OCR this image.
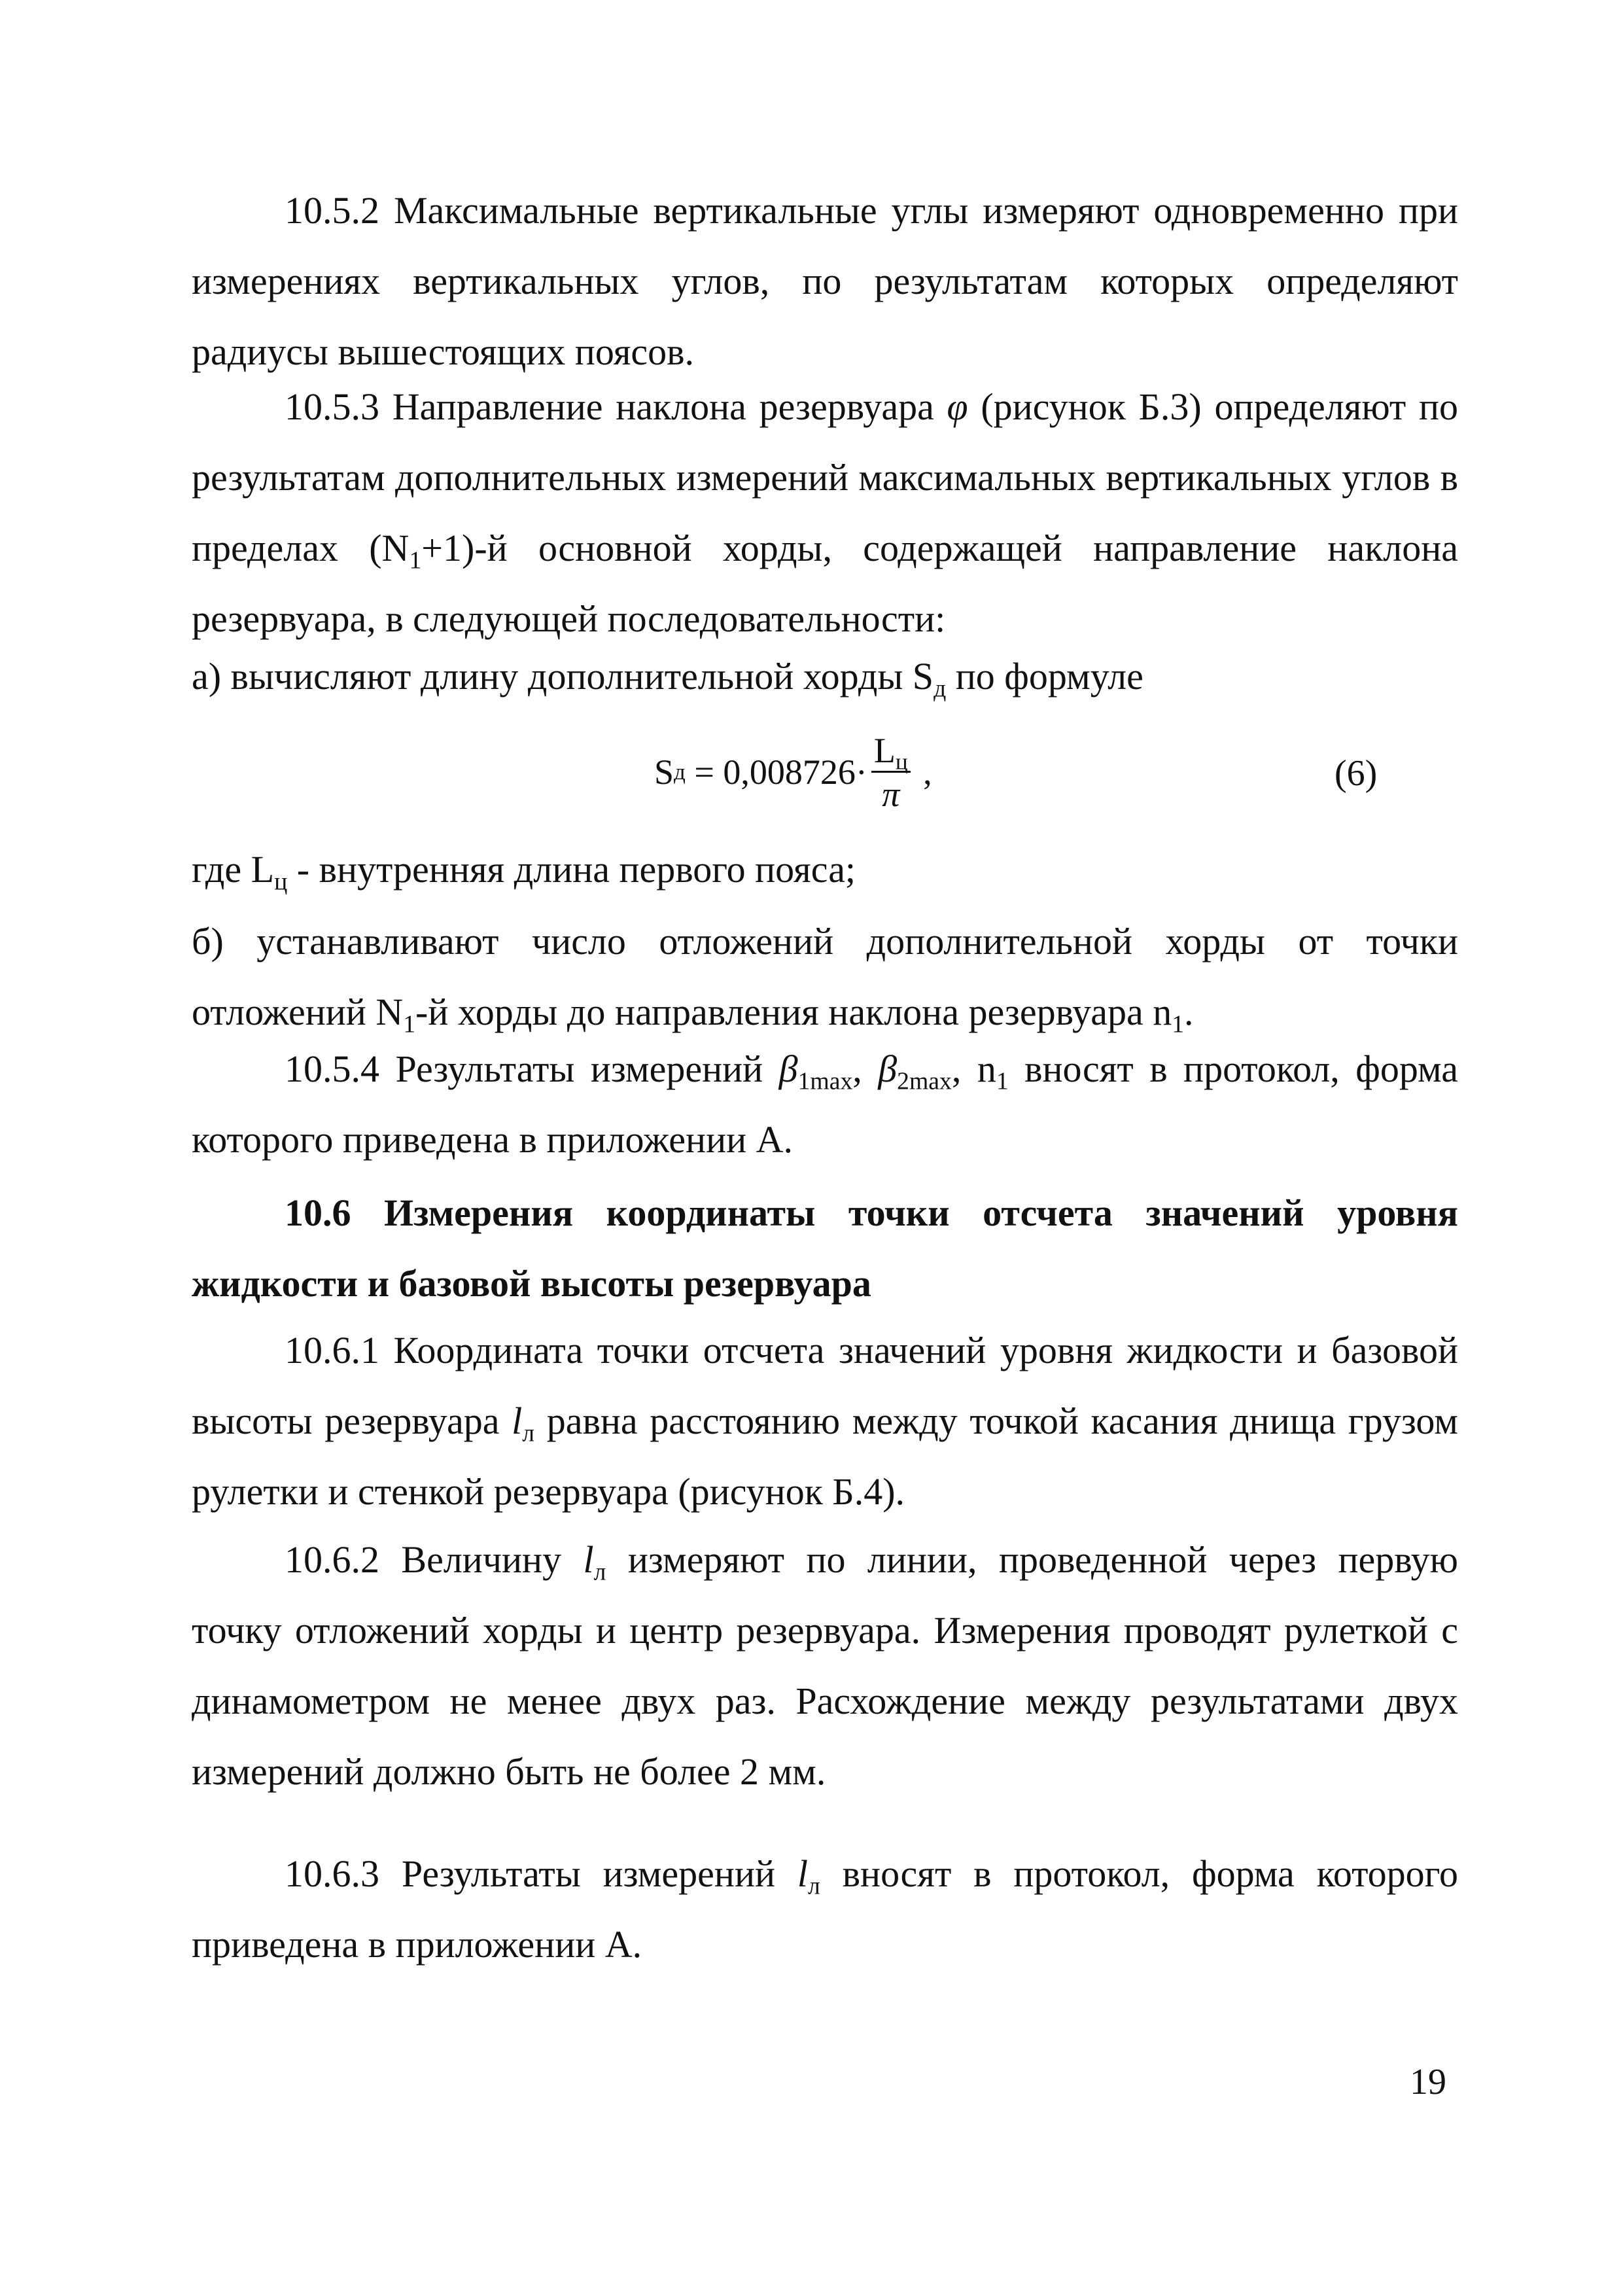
10.5.2 Максимальные вертикальные углы измеряют одновременно при измерениях вертикальных углов, по результатам которых определяют радиусы вышестоящих поясов.

10.5.3 Направление наклона резервуара φ (рисунок Б.3) определяют по результатам дополнительных измерений максимальных вертикальных углов в пределах $(N_1+1)-й$ основной хорды, содержащей направление наклона резервуара, в следующей последовательности:

а) вычисляют длину дополнительной хорды $S_д$ по формуле

S $д = 0,008726\cdot \frac{L_ц}{\pi}$ ,	(6)

где $L_ц$ - внутренняя длина первого пояса;

б) устанавливают число отложений дополнительной хорды от точки отложений $N_1-й$ хорды до направления наклона резервуара $n_1$.

10.5.4 Результаты измерений $\beta_{1max}$, $\beta_{2max}$, $n_1$ вносят в протокол, форма которого приведена в приложении А.

10.6 Измерения координаты точки отсчета значений уровня жидкости и базовой высоты резервуара

10.6.1 Координата точки отсчета значений уровня жидкости и базовой высоты резервуара $l_л$ равна расстоянию между точкой касания днища грузом рулетки и стенкой резервуара (рисунок Б.4).

10.6.2 Величину $l_л$ измеряют по линии, проведенной через первую точку отложений хорды и центр резервуара. Измерения проводят рулеткой с динамометром не менее двух раз. Расхождение между результатами двух измерений должно быть не более 2 мм.

10.6.3 Результаты измерений $l_л$ вносят в протокол, форма которого приведена в приложении А.

19
